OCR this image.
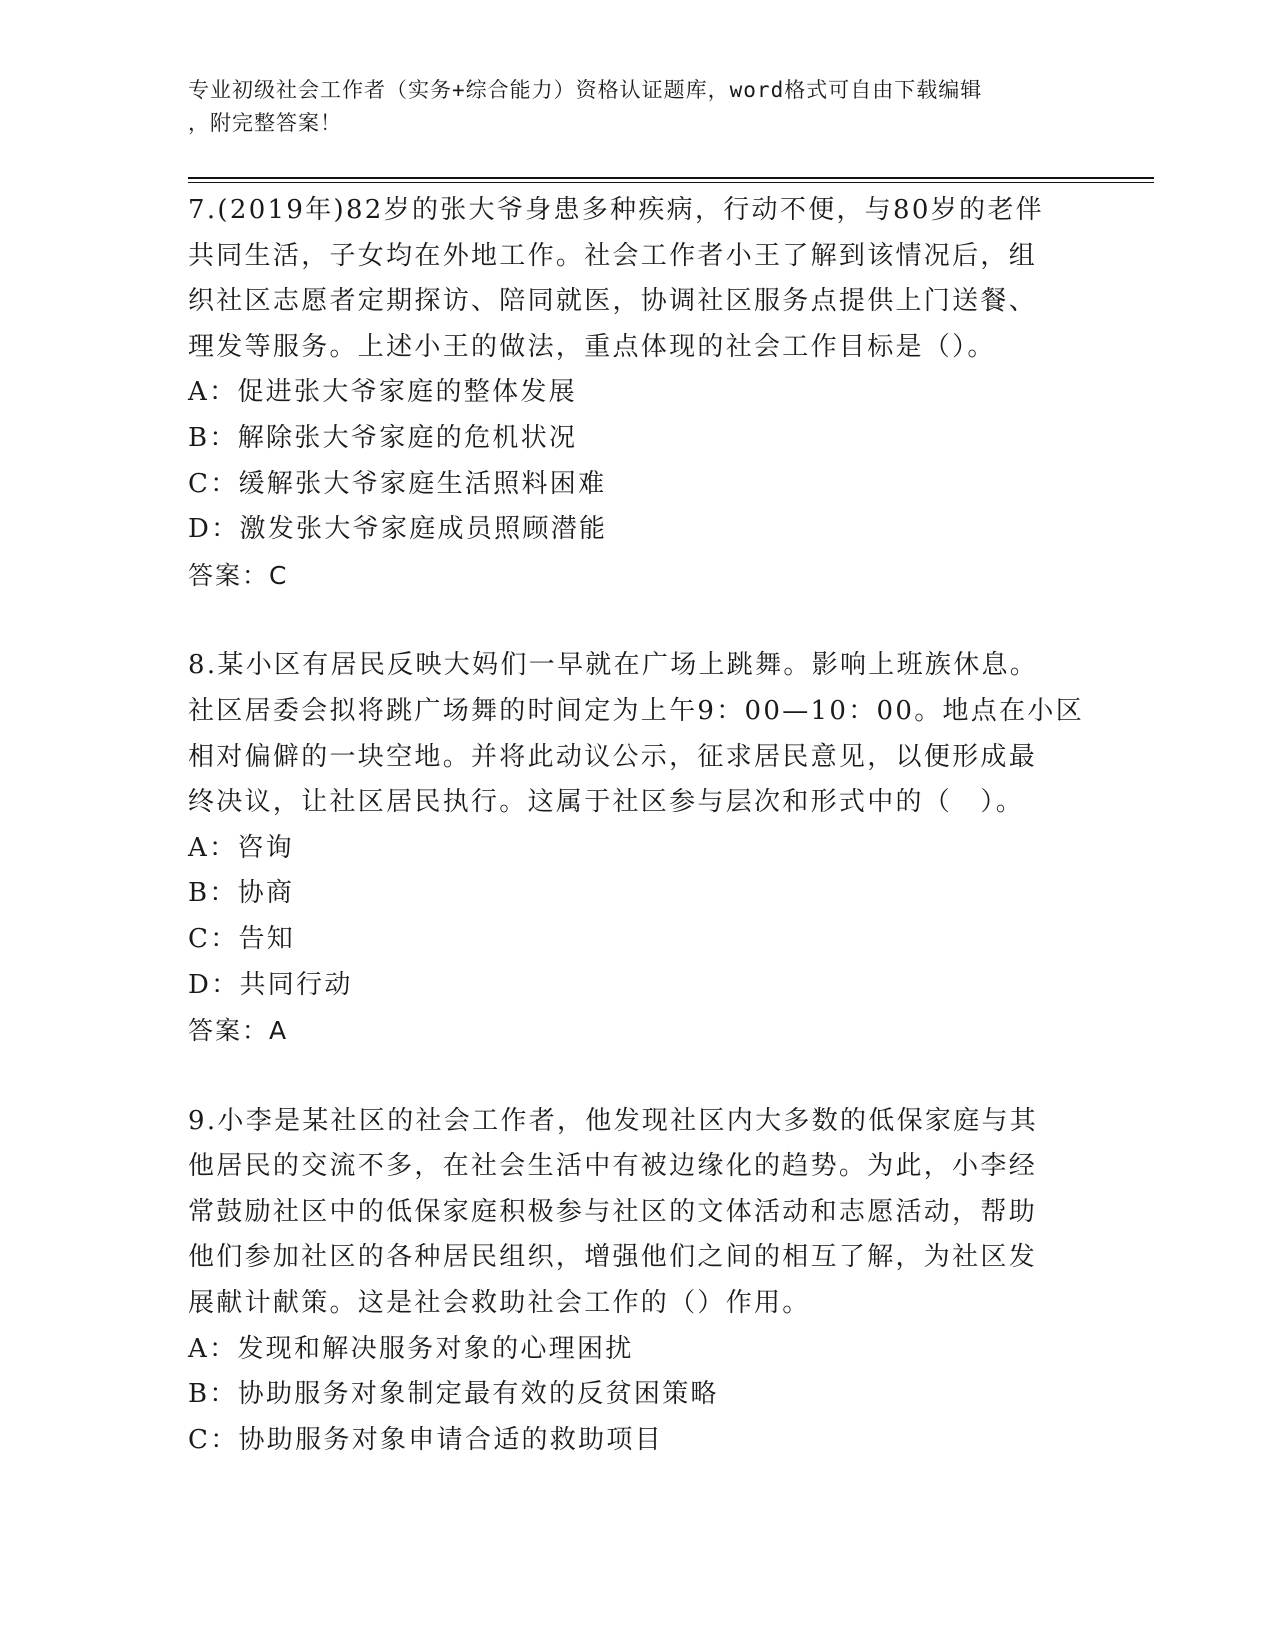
专业初级社会工作者（实务+综合能力）资格认证题库，word格式可自由下载编辑
，附完整答案！

7.(2019年)82岁的张大爷身患多种疾病，行动不便，与80岁的老伴

共同生活，子女均在外地工作。社会工作者小王了解到该情况后，组

织社区志愿者定期探访、陪同就医，协调社区服务点提供上门送餐、

理发等服务。上述小王的做法，重点体现的社会工作目标是（）。

A：促进张大爷家庭的整体发展

B：解除张大爷家庭的危机状况

C：缓解张大爷家庭生活照料困难

D：激发张大爷家庭成员照顾潜能

答案：C

8.某小区有居民反映大妈们一早就在广场上跳舞。影响上班族休息。

社区居委会拟将跳广场舞的时间定为上午9：00—10：00。地点在小区

相对偏僻的一块空地。并将此动议公示，征求居民意见，以便形成最

终决议，让社区居民执行。这属于社区参与层次和形式中的（　）。

A：咨询

B：协商

C：告知

D：共同行动

答案：A

9.小李是某社区的社会工作者，他发现社区内大多数的低保家庭与其

他居民的交流不多，在社会生活中有被边缘化的趋势。为此，小李经

常鼓励社区中的低保家庭积极参与社区的文体活动和志愿活动，帮助

他们参加社区的各种居民组织，增强他们之间的相互了解，为社区发

展献计献策。这是社会救助社会工作的（）作用。

A：发现和解决服务对象的心理困扰

B：协助服务对象制定最有效的反贫困策略

C：协助服务对象申请合适的救助项目
